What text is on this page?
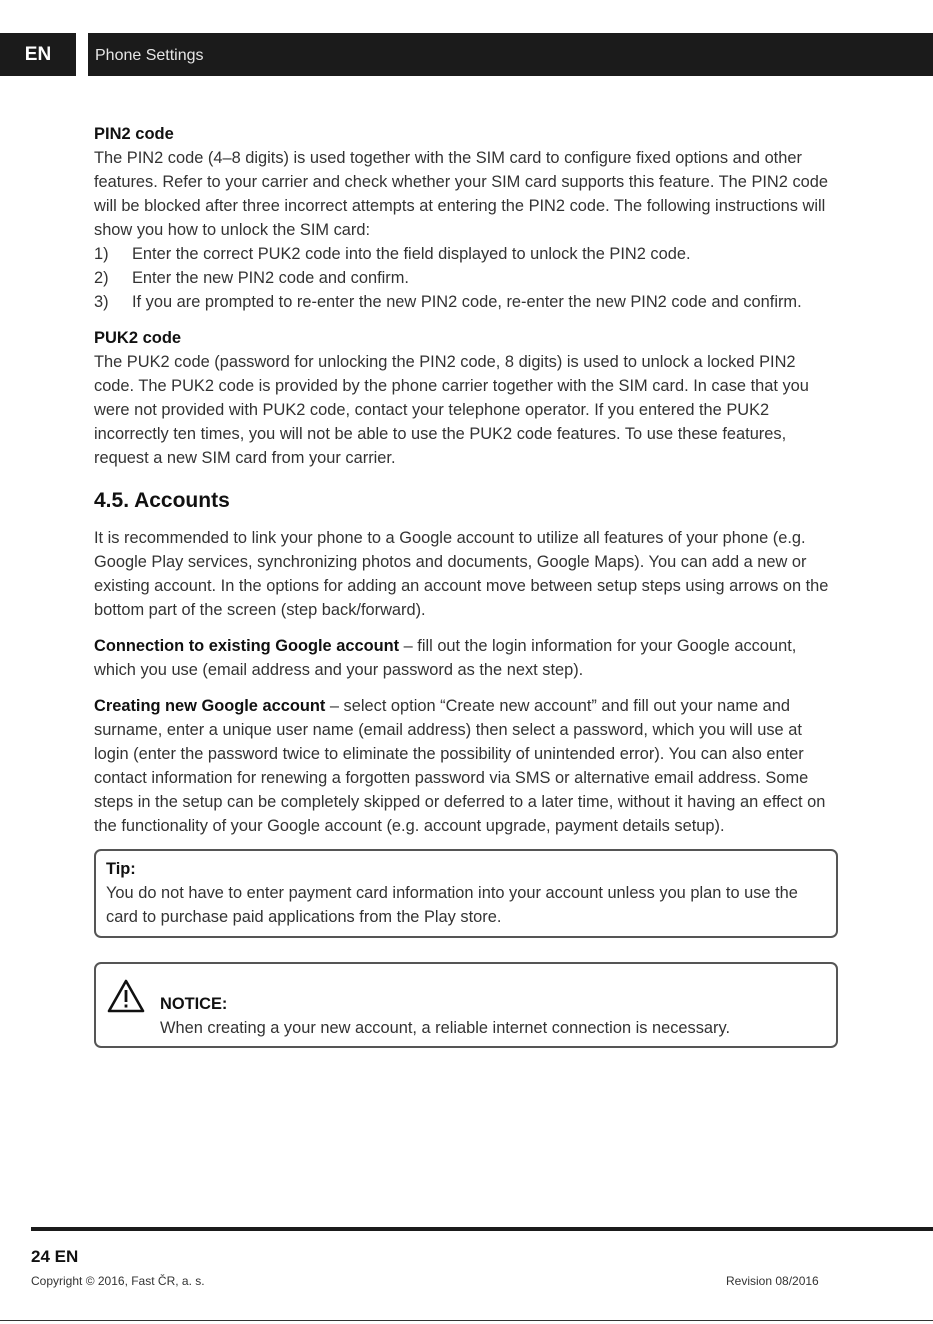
EN	Phone Settings

PIN2 code

The PIN2 code (4–8 digits) is used together with the SIM card to configure fixed options and other features. Refer to your carrier and check whether your SIM card supports this feature. The PIN2 code will be blocked after three incorrect attempts at entering the PIN2 code. The following instructions will show you how to unlock the SIM card:

1)	Enter the correct PUK2 code into the field displayed to unlock the PIN2 code.
2)	Enter the new PIN2 code and confirm.
3)	If you are prompted to re-enter the new PIN2 code, re-enter the new PIN2 code and confirm.

PUK2 code

The PUK2 code (password for unlocking the PIN2 code, 8 digits) is used to unlock a locked PIN2 code. The PUK2 code is provided by the phone carrier together with the SIM card. In case that you were not provided with PUK2 code, contact your telephone operator. If you entered the PUK2 incorrectly ten times, you will not be able to use the PUK2 code features. To use these features, request a new SIM card from your carrier.

4.5. Accounts

It is recommended to link your phone to a Google account to utilize all features of your phone (e.g. Google Play services, synchronizing photos and documents, Google Maps). You can add a new or existing account. In the options for adding an account move between setup steps using arrows on the bottom part of the screen (step back/forward).

Connection to existing Google account – fill out the login information for your Google account, which you use (email address and your password as the next step).

Creating new Google account – select option “Create new account” and fill out your name and surname, enter a unique user name (email address) then select a password, which you will use at login (enter the password twice to eliminate the possibility of unintended error). You can also enter contact information for renewing a forgotten password via SMS or alternative email address. Some steps in the setup can be completely skipped or deferred to a later time, without it having an effect on the functionality of your Google account (e.g. account upgrade, payment details setup).

Tip:
You do not have to enter payment card information into your account unless you plan to use the card to purchase paid applications from the Play store.
NOTICE:
When creating a your new account, a reliable internet connection is necessary.
24 EN
Copyright © 2016, Fast ČR, a. s.	Revision 08/2016
